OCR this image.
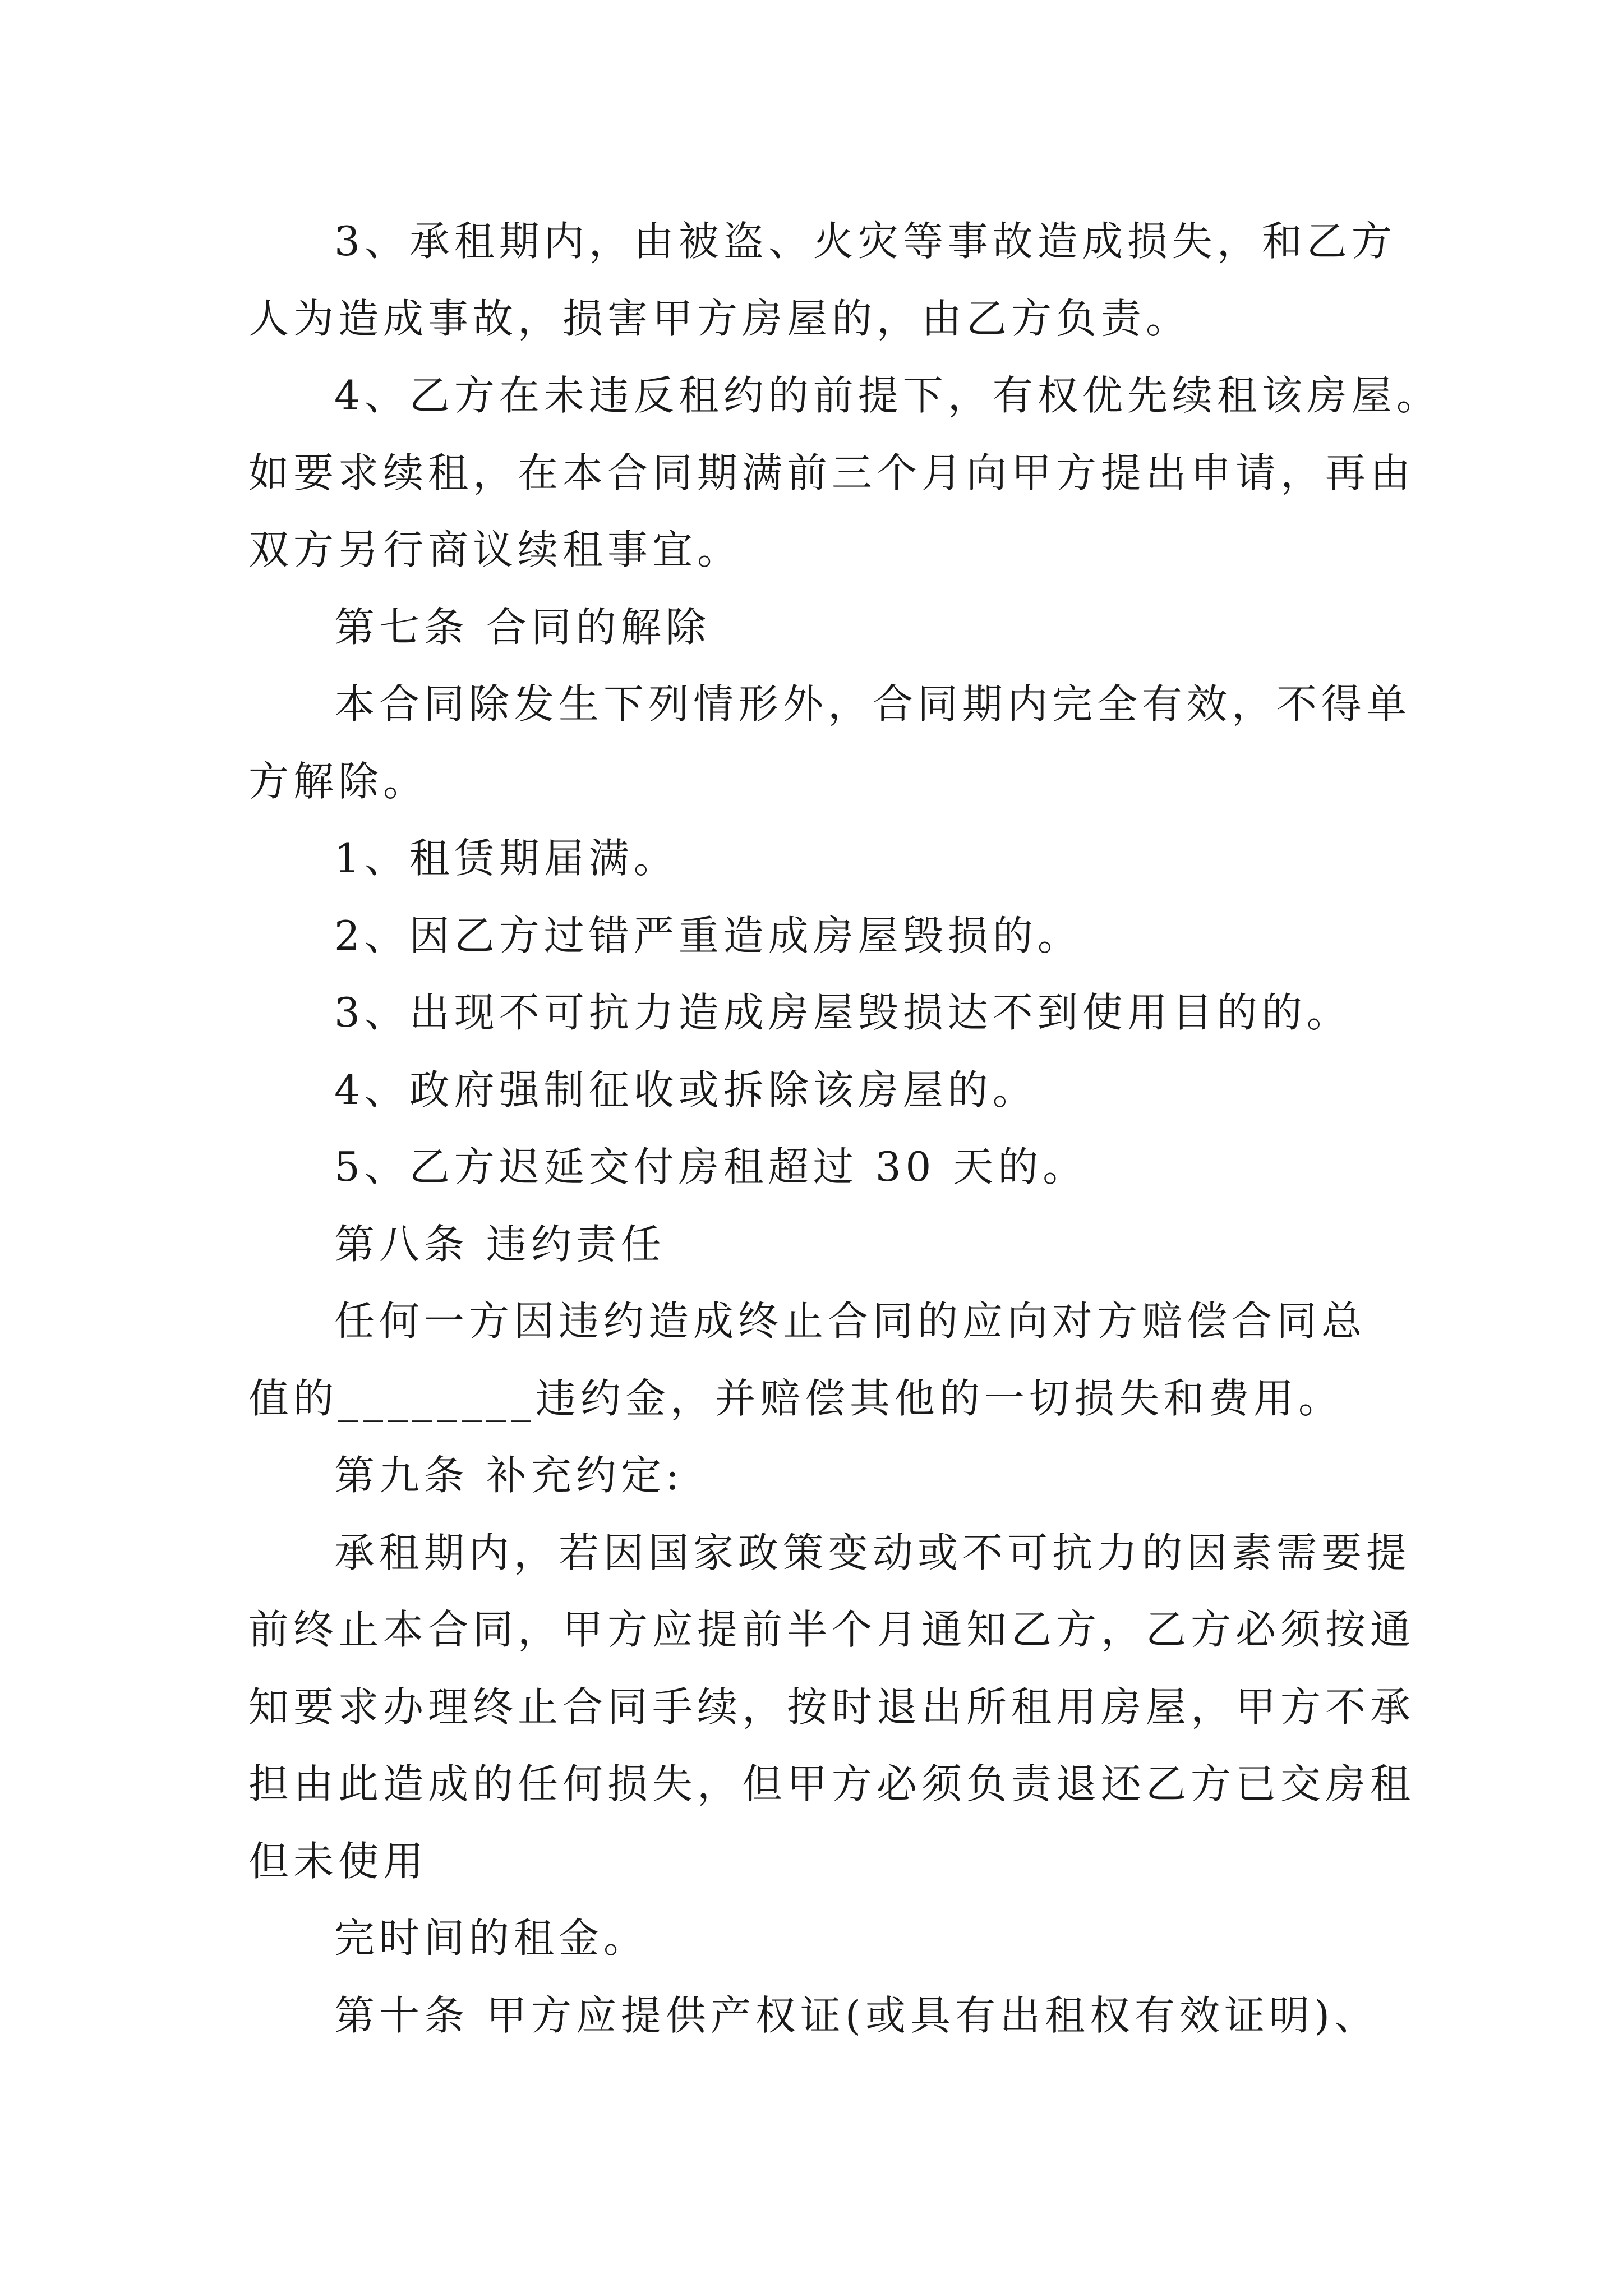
3、承租期内，由被盗、火灾等事故造成损失，和乙方
人为造成事故，损害甲方房屋的，由乙方负责。
4、乙方在未违反租约的前提下，有权优先续租该房屋。
如要求续租，在本合同期满前三个月向甲方提出申请，再由
双方另行商议续租事宜。
第七条 合同的解除
本合同除发生下列情形外，合同期内完全有效，不得单
方解除。
1、租赁期届满。
2、因乙方过错严重造成房屋毁损的。
3、出现不可抗力造成房屋毁损达不到使用目的的。
4、政府强制征收或拆除该房屋的。
5、乙方迟延交付房租超过 30 天的。
第八条 违约责任
任何一方因违约造成终止合同的应向对方赔偿合同总
值的________违约金，并赔偿其他的一切损失和费用。
第九条 补充约定:
承租期内，若因国家政策变动或不可抗力的因素需要提
前终止本合同，甲方应提前半个月通知乙方，乙方必须按通
知要求办理终止合同手续，按时退出所租用房屋，甲方不承
担由此造成的任何损失，但甲方必须负责退还乙方已交房租
但未使用
完时间的租金。
第十条 甲方应提供产权证(或具有出租权有效证明)、
